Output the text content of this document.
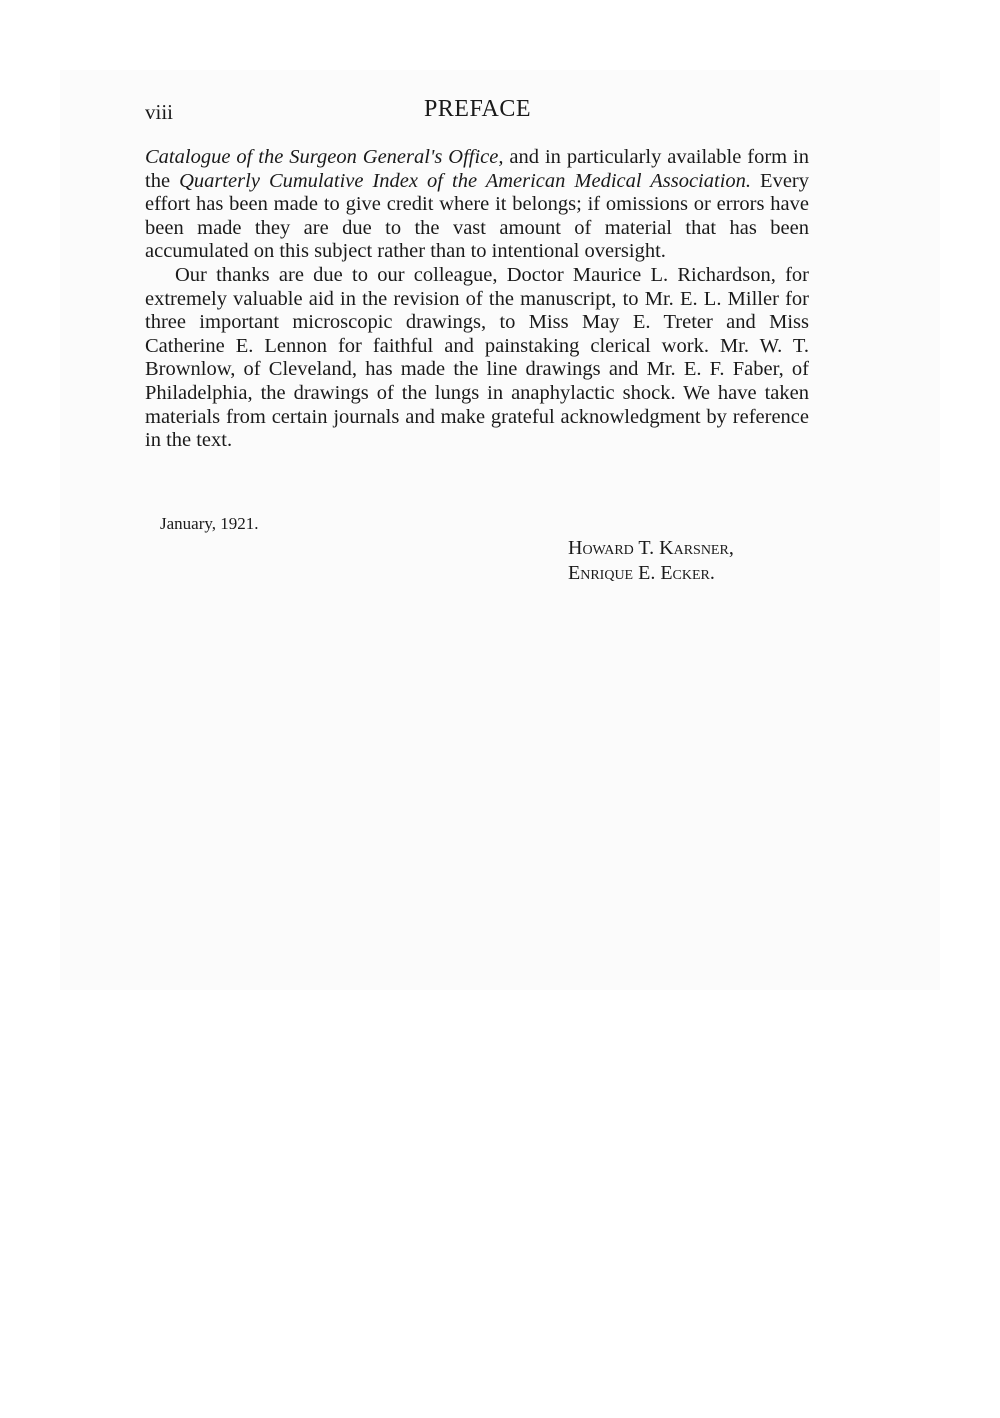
viii	PREFACE

Catalogue of the Surgeon General's Office, and in particularly available form in the Quarterly Cumulative Index of the American Medical Association. Every effort has been made to give credit where it belongs; if omissions or errors have been made they are due to the vast amount of material that has been accumulated on this subject rather than to intentional oversight.

Our thanks are due to our colleague, Doctor Maurice L. Richardson, for extremely valuable aid in the revision of the manuscript, to Mr. E. L. Miller for three important microscopic drawings, to Miss May E. Treter and Miss Catherine E. Lennon for faithful and painstaking clerical work. Mr. W. T. Brownlow, of Cleveland, has made the line drawings and Mr. E. F. Faber, of Philadelphia, the drawings of the lungs in anaphylactic shock. We have taken materials from certain journals and make grateful acknowledgment by reference in the text.

January, 1921.
Howard T. Karsner,
Enrique E. Ecker.
